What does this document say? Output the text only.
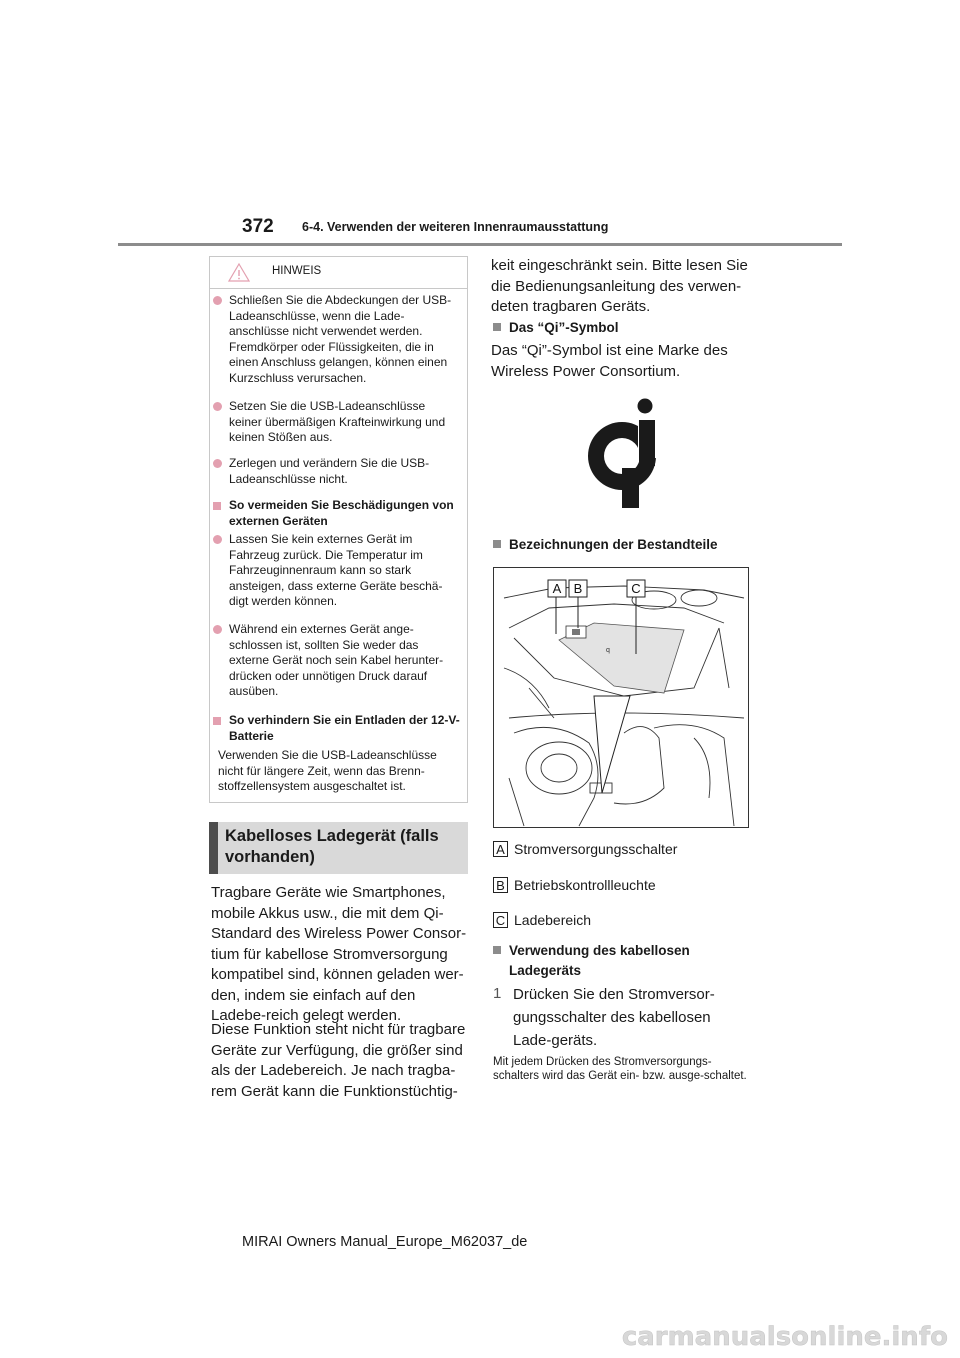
372 6-4. Verwenden der weiteren Innenraumausstattung
HINWEIS
Schließen Sie die Abdeckungen der USB-Ladeanschlüsse, wenn die Lade-anschlüsse nicht verwendet werden. Fremdkörper oder Flüssigkeiten, die in einen Anschluss gelangen, können einen Kurzschluss verursachen.
Setzen Sie die USB-Ladeanschlüsse keiner übermäßigen Krafteinwirkung und keinen Stößen aus.
Zerlegen und verändern Sie die USB-Ladeanschlüsse nicht.
So vermeiden Sie Beschädigungen von externen Geräten
Lassen Sie kein externes Gerät im Fahrzeug zurück. Die Temperatur im Fahrzeuginnenraum kann so stark ansteigen, dass externe Geräte beschä-digt werden können.
Während ein externes Gerät ange-schlossen ist, sollten Sie weder das externe Gerät noch sein Kabel herunter-drücken oder unnötigen Druck darauf ausüben.
So verhindern Sie ein Entladen der 12-V-Batterie
Verwenden Sie die USB-Ladeanschlüsse nicht für längere Zeit, wenn das Brenn-stoffzellensystem ausgeschaltet ist.
Kabelloses Ladegerät (falls vorhanden)
Tragbare Geräte wie Smartphones, mobile Akkus usw., die mit dem Qi-Standard des Wireless Power Consor-tium für kabellose Stromversorgung kompatibel sind, können geladen wer-den, indem sie einfach auf den Ladebe-reich gelegt werden.
Diese Funktion steht nicht für tragbare Geräte zur Verfügung, die größer sind als der Ladebereich. Je nach tragba-rem Gerät kann die Funktionstüchtig-
keit eingeschränkt sein. Bitte lesen Sie die Bedienungsanleitung des verwen-deten tragbaren Geräts.
Das “Qi”-Symbol
Das “Qi”-Symbol ist eine Marke des Wireless Power Consortium.
Bezeichnungen der Bestandteile
q
A B	C
A Stromversorgungsschalter
B Betriebskontrollleuchte
C Ladebereich
Verwendung des kabellosen Ladegeräts
1 Drücken Sie den Stromversor-gungsschalter des kabellosen Lade-geräts.
Mit jedem Drücken des Stromversorgungs-schalters wird das Gerät ein- bzw. ausge-schaltet.
MIRAI Owners Manual_Europe_M62037_de
carmanualsonline.info
